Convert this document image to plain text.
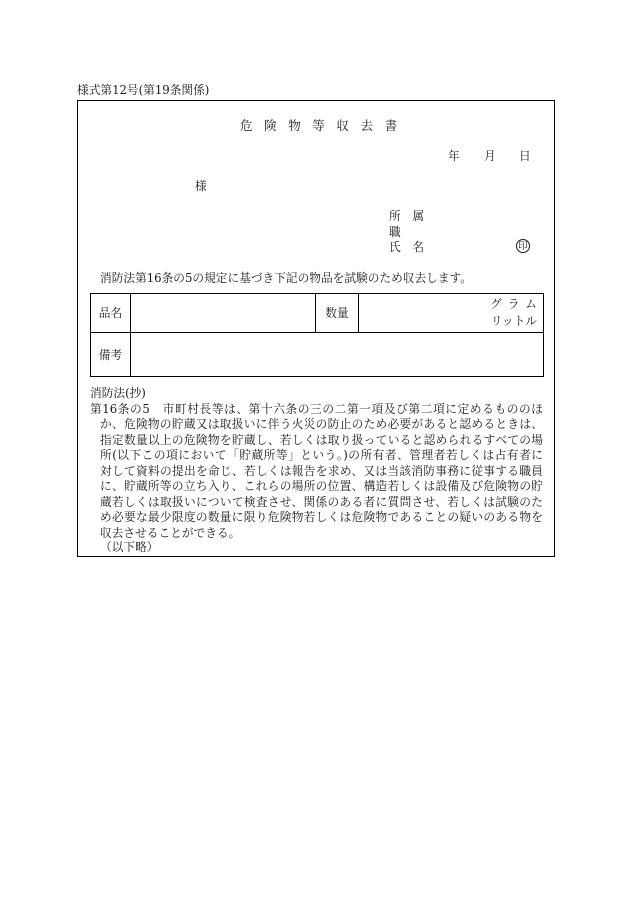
様式第12号(第19条関係)
危険物等収去書
年 月 日
様
所　属
職
氏　名	印
消防法第16条の5の規定に基づき下記の物品を試験のため収去します。
品名		数量	グラム
リットル
備考			
消防法(抄)
第16条の5　市町村長等は、第十六条の三の二第一項及び第二項に定めるもののほ
か、危険物の貯蔵又は取扱いに伴う火災の防止のため必要があると認めるときは、
指定数量以上の危険物を貯蔵し、若しくは取り扱っていると認められるすべての場
所(以下この項において「貯蔵所等」という。)の所有者、管理者若しくは占有者に
対して資料の提出を命じ、若しくは報告を求め、又は当該消防事務に従事する職員
に、貯蔵所等の立ち入り、これらの場所の位置、構造若しくは設備及び危険物の貯
蔵若しくは取扱いについて検査させ、関係のある者に質問させ、若しくは試験のた
め必要な最少限度の数量に限り危険物若しくは危険物であることの疑いのある物を
収去させることができる。
（以下略）
